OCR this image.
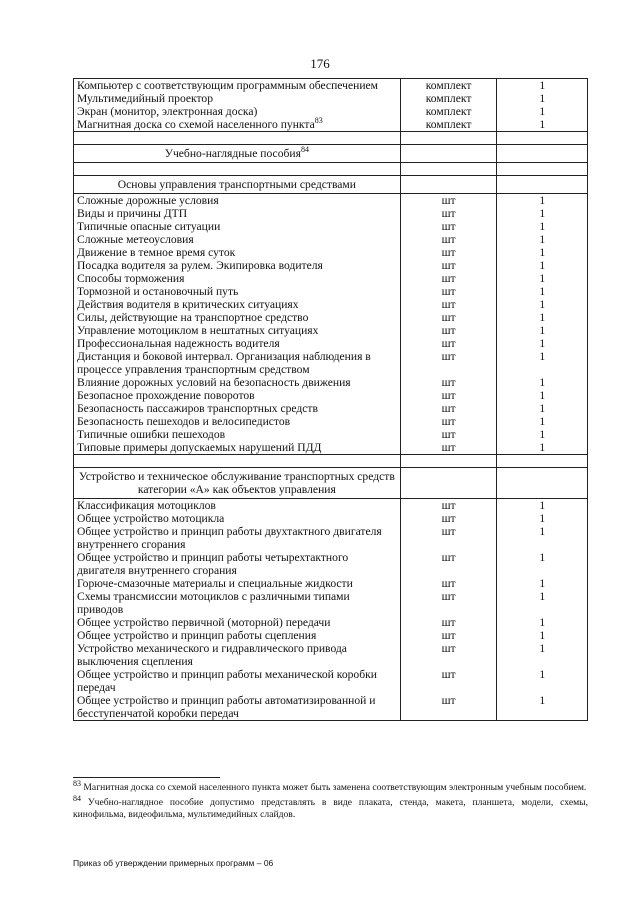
176
Компьютер с соответствующим программным обеспечением	комплект	1
Мультимедийный проектор	комплект	1
Экран (монитор, электронная доска)	комплект	1
Магнитная доска со схемой населенного пункта$^{83}$	комплект	1

Учебно-наглядные пособия$^{84}$		

Основы управления транспортными средствами		
Сложные дорожные условия	шт	1
Виды и причины ДТП	шт	1
Типичные опасные ситуации	шт	1
Сложные метеоусловия	шт	1
Движение в темное время суток	шт	1
Посадка водителя за рулем. Экипировка водителя	шт	1
Способы торможения	шт	1
Тормозной и остановочный путь	шт	1
Действия водителя в критических ситуациях	шт	1
Силы, действующие на транспортное средство	шт	1
Управление мотоциклом в нештатных ситуациях	шт	1
Профессиональная надежность водителя	шт	1
Дистанция и боковой интервал. Организация наблюдения в процессе управления транспортным средством	шт	1
Влияние дорожных условий на безопасность движения	шт	1
Безопасное прохождение поворотов	шт	1
Безопасность пассажиров транспортных средств	шт	1
Безопасность пешеходов и велосипедистов	шт	1
Типичные ошибки пешеходов	шт	1
Типовые примеры допускаемых нарушений ПДД	шт	1

Устройство и техническое обслуживание транспортных средств категории «А» как объектов управления		
Классификация мотоциклов	шт	1
Общее устройство мотоцикла	шт	1
Общее устройство и принцип работы двухтактного двигателя внутреннего сгорания	шт	1
Общее устройство и принцип работы четырехтактного двигателя внутреннего сгорания	шт	1
Горюче-смазочные материалы и специальные жидкости	шт	1
Схемы трансмиссии мотоциклов с различными типами приводов	шт	1
Общее устройство первичной (моторной) передачи	шт	1
Общее устройство и принцип работы сцепления	шт	1
Устройство механического и гидравлического привода выключения сцепления	шт	1
Общее устройство и принцип работы механической коробки передач	шт	1
Общее устройство и принцип работы автоматизированной и бесступенчатой коробки передач	шт	1

$^{83}$ Магнитная доска со схемой населенного пункта может быть заменена соответствующим электронным учебным пособием.

$^{84}$ Учебно-наглядное пособие допустимо представлять в виде плаката, стенда, макета, планшета, модели, схемы, кинофильма, видеофильма, мультимедийных слайдов.

Приказ об утверждении примерных программ – 06
